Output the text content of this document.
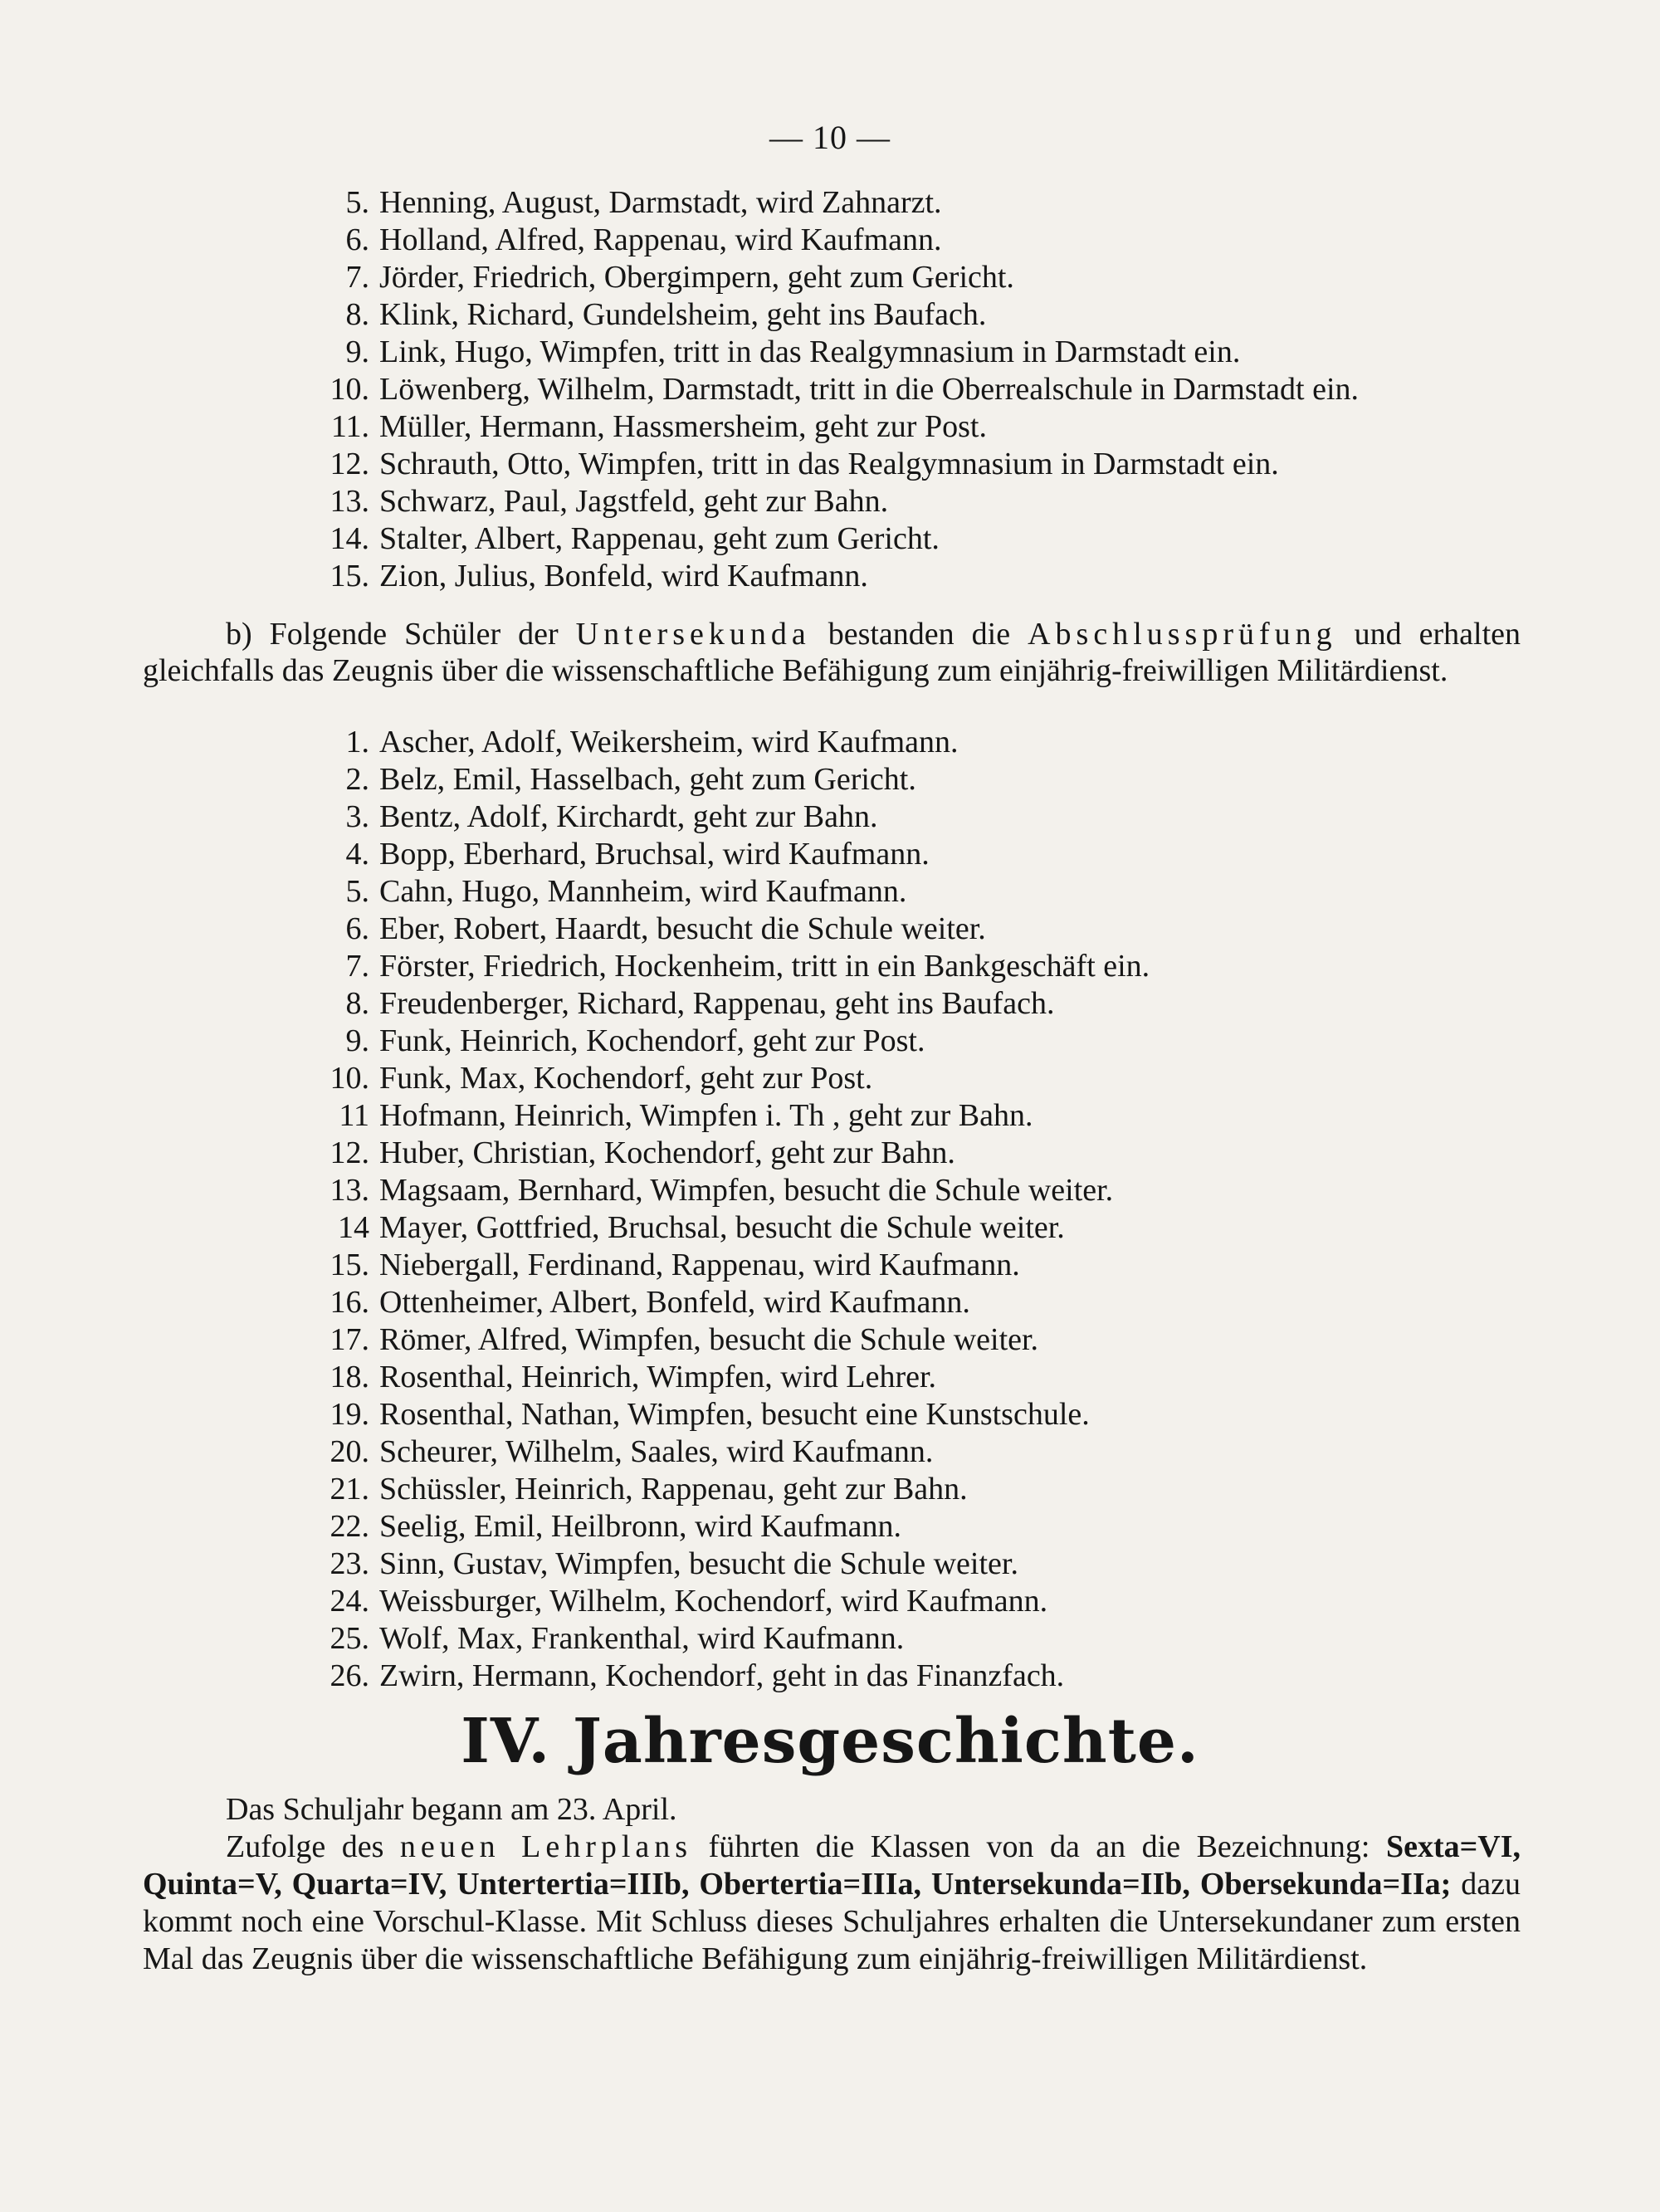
— 10 —
5. Henning, August, Darmstadt, wird Zahnarzt.
6. Holland, Alfred, Rappenau, wird Kaufmann.
7. Jörder, Friedrich, Obergimpern, geht zum Gericht.
8. Klink, Richard, Gundelsheim, geht ins Baufach.
9. Link, Hugo, Wimpfen, tritt in das Realgymnasium in Darmstadt ein.
10. Löwenberg, Wilhelm, Darmstadt, tritt in die Oberrealschule in Darmstadt ein.
11. Müller, Hermann, Hassmersheim, geht zur Post.
12. Schrauth, Otto, Wimpfen, tritt in das Realgymnasium in Darmstadt ein.
13. Schwarz, Paul, Jagstfeld, geht zur Bahn.
14. Stalter, Albert, Rappenau, geht zum Gericht.
15. Zion, Julius, Bonfeld, wird Kaufmann.
b) Folgende Schüler der Untersekunda bestanden die Abschlussprüfung und erhalten gleichfalls das Zeugnis über die wissenschaftliche Befähigung zum einjährig-freiwilligen Militärdienst.
1. Ascher, Adolf, Weikersheim, wird Kaufmann.
2. Belz, Emil, Hasselbach, geht zum Gericht.
3. Bentz, Adolf, Kirchardt, geht zur Bahn.
4. Bopp, Eberhard, Bruchsal, wird Kaufmann.
5. Cahn, Hugo, Mannheim, wird Kaufmann.
6. Eber, Robert, Haardt, besucht die Schule weiter.
7. Förster, Friedrich, Hockenheim, tritt in ein Bankgeschäft ein.
8. Freudenberger, Richard, Rappenau, geht ins Baufach.
9. Funk, Heinrich, Kochendorf, geht zur Post.
10. Funk, Max, Kochendorf, geht zur Post.
11 Hofmann, Heinrich, Wimpfen i. Th , geht zur Bahn.
12. Huber, Christian, Kochendorf, geht zur Bahn.
13. Magsaam, Bernhard, Wimpfen, besucht die Schule weiter.
14 Mayer, Gottfried, Bruchsal, besucht die Schule weiter.
15. Niebergall, Ferdinand, Rappenau, wird Kaufmann.
16. Ottenheimer, Albert, Bonfeld, wird Kaufmann.
17. Römer, Alfred, Wimpfen, besucht die Schule weiter.
18. Rosenthal, Heinrich, Wimpfen, wird Lehrer.
19. Rosenthal, Nathan, Wimpfen, besucht eine Kunstschule.
20. Scheurer, Wilhelm, Saales, wird Kaufmann.
21. Schüssler, Heinrich, Rappenau, geht zur Bahn.
22. Seelig, Emil, Heilbronn, wird Kaufmann.
23. Sinn, Gustav, Wimpfen, besucht die Schule weiter.
24. Weissburger, Wilhelm, Kochendorf, wird Kaufmann.
25. Wolf, Max, Frankenthal, wird Kaufmann.
26. Zwirn, Hermann, Kochendorf, geht in das Finanzfach.
IV. Jahresgeschichte.
Das Schuljahr begann am 23. April.
Zufolge des neuen Lehrplans führten die Klassen von da an die Bezeichnung: Sexta=VI, Quinta=V, Quarta=IV, Untertertia=IIIb, Obertertia=IIIa, Untersekunda=IIb, Obersekunda=IIa; dazu kommt noch eine Vorschul-Klasse. Mit Schluss dieses Schuljahres erhalten die Untersekundaner zum ersten Mal das Zeugnis über die wissenschaftliche Befähigung zum einjährig-freiwilligen Militärdienst.
